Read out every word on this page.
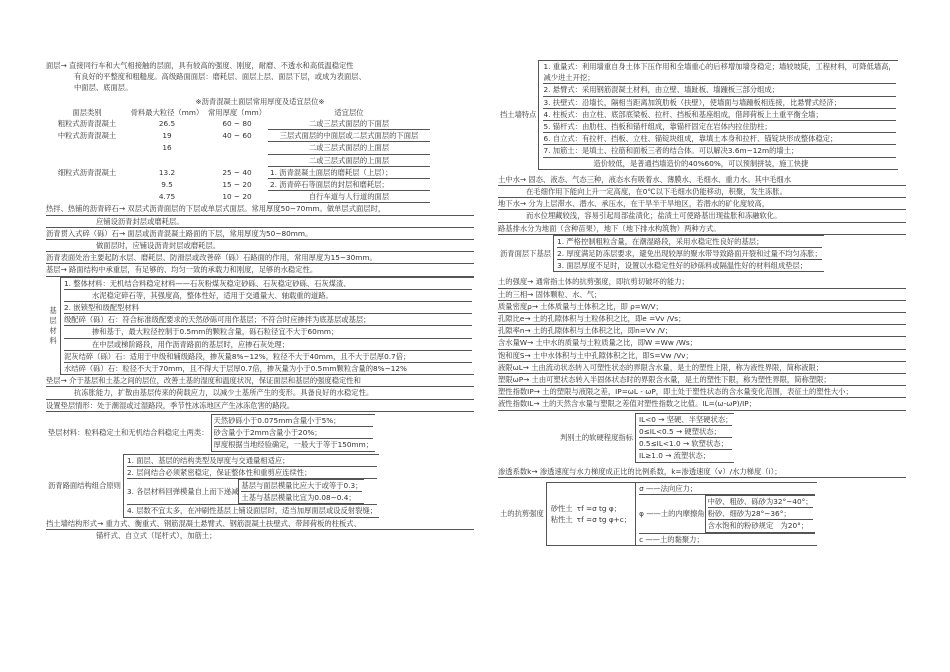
面层→ 直接同行车和大气相接触的层面，具有较高的强度、刚度，耐磨、不透水和高低温稳定性
有良好的平整度和粗糙度。高级路面面层：磨耗层、面层上层、面层下层，或成为表面层、
中面层、底面层。
※沥青混凝土面层常用厚度及适宜层位※
面层类别	骨料最大粒径（mm）	常用厚度（mm）	适宜层位
粗粒式沥青混凝土	26.5	60 ~ 80	二或三层式面层的下面层
中粒式沥青混凝土	19	40 ~ 60	三层式面层的中面层或二层式面层的下面层
	16		二或三层式面层的上面层
			二或三层式面层的上面层
细粒式沥青混凝土	13.2	25 ~ 40	1. 沥青混凝土面层的磨耗层（上层）；
	9.5	15 ~ 20	2. 沥青碎石等面层的封层和磨耗层；
	4.75	10 ~ 20	自行车道与人行道的面层
热拌、热铺的沥青碎石→ 双层式沥青面层的下层或单层式面层。常用厚度50~70mm。做单层式面层时，
应铺设沥青封层或磨耗层。
沥青贯入式碎（砾）石→ 面层或沥青混凝土路面的下层，常用厚度为50~80mm。
做面层时，应铺设沥青封层或磨耗层。
沥青表面处治主要起防水层、磨耗层、防滑层或改善碎（砾）石路面的作用，常用厚度为15~30mm。
基层→ 路面结构中承重层，有足够的、均匀一致的承载力和刚度，足够的水稳定性。
基层材料	
1. 整体材料：无机结合料稳定材料——石灰粉煤灰稳定砂砾、石灰稳定砂砾、石灰煤渣、
水泥稳定碎石等，其强度高，整体性好，适用于交通量大、轴载重的道路。
2. 嵌锁型和级配型材料
级配碎（砾）石：符合标准级配要求的天然砂砾可用作基层；不符合时应掺拌为底基层或基层；
掺和基于，最大粒径控制于0.5mm的颗粒含量，砾石粒径宜不大于60mm；
在中层或梯阶路段，用作沥青路面的基层时，应掺石灰处理；
泥灰结碎（砾）石：适用于中级和辅级路段，掺灰量8%~12%，粒径不大于40mm，且不大于层厚0.7倍；
水结碎（砾）石：粒径不大于70mm，且不得大于层厚0.7倍，掺灰量为小于0.5mm颗粒含量的8%~12%
垫层→ 介于基层和土基之间的层位，改善土基的湿度和温度状况，保证面层和基层的强度稳定性和
抗冻胀能力，扩散由基层传来的荷载应力，以减少土基所产生的变形。具备良好的水稳定性。
设置垫层情形：处于潮湿或过湿路段，季节性冰冻地区产生冰冻危害的路段。
垫层材料：粒料稳定土和无机结合料稳定土两类：	
天然砂砾小于0.075mm含量小于5%；
砂含量小于2mm含量小于20%；
厚度根据当地经验确定，一般大于等于150mm；
沥青路面结构组合原则	
1. 面层、基层的结构类型及厚度与交通量相适应；
2. 层间结合必须紧密稳定，保证整体性和重剪应连续性；
3. 各层材料回弹模量自上而下递减	
基层与面层模量比应大于或等于0.3；
土基与基层模量比宜为0.08~0.4；
4. 层数不宜太多，在冲刷性基层上铺设面层时，适当加厚面层或设反射裂缝；
挡土墙结构形式→ 重力式、衡重式、钢筋混凝土悬臂式、钢筋混凝土扶壁式、带卸荷板的柱板式、
锚杆式、自立式（尾杆式），加筋土；
挡土墙特点	
1. 重量式：利用墙重自身土体下压作用和全墙重心的后移增加墙身稳定；墙较坡陡，工程材料，可降低墙高，减少进土开挖；
2. 悬臂式：采用钢筋混凝土材料，由立壁、墙趾板、墙踵板三部分组成；
3. 扶壁式：沿墙长，隔相当距离加筑肋板（扶壁），使墙面与墙踵板相连接，比悬臂式经济；
4. 柱板式：由立柱、底部底梁板、拉杆、挡板和基座组成，借卸荷板上土重平衡全墙；
5. 锚杆式：由肋柱、挡板和锚杆组成，靠锚杆固定在岩体内拉住肋柱；
6. 自立式：有拉杆、挡板、立柱、锚锭块组成，靠填土本身和拉杆、锚锭块形成整体稳定；
7. 加筋土：是填土、拉筋和面板三者的结合体。可以解决3.6m~12m的墙土；
造价较低，是普通挡墙造价的40%60%，可以预制拼装，施工快捷
土中水→ 固态、液态、气态三种，液态水有吸着水、薄膜水、毛细水、重力水。其中毛细水
在毛细作用下能向上升一定高度，在0℃以下毛细水仍能移动，积聚，发生冻胀。
地下水→ 分为上层滞水、潜水、承压水，在干旱半干旱地区，若潜水的矿化度较高，
而水位埋藏较浅，容易引起局部盐渍化；盐渍土可使路基出现盐胀和冻融软化。
路基排水分为地面（含种苗果），地下（地下排水构筑物）两种方式。
沥青面层下基层	
1. 严格控制粗粒含量，在潮湿路段，采用水稳定性良好的基层；
2. 厚度满足防冻层要求，避免出现较厚的聚水带导致路面开裂和过量不均匀冻胀；
3. 面层厚度不足时，设置以水稳定性好的砂砾料或隔温性好的材料组成垫层；
土的强度→ 通常指土体的抗剪强度，即抗剪切破坏的能力；
土的三相→ 固体颗粒、水、气；
质量密度ρ→ 土体质量与土体积之比，即 ρ=W/V；
孔隙比e→ 土的孔隙体积与土粒体积之比，即e =Vv /Vs；
孔隙率n→ 土的孔隙体积与土体积之比，即n=Vv /V；
含水量W→ 土中水的质量与土粒质量之比，即W =Ww /Ws；
饱和度S→ 土中水体积与土中孔隙体积之比，即S=Vw /Vv；
液限ωL→ 土由流动状态转入可塑性状态的界限含水量，是土的塑性上限，称为液性界限，简称液限；
塑限ωP→ 土由可塑状态转入半固体状态时的界限含水量，是土的塑性下限，称为塑性界限，简称塑限；
塑性指数IP→ 土的塑限与液限之差，IP=ωL - ωP，即土处于塑性状态的含水量变化范围，表征土的塑性大小；
液性指数IL→ 土的天然含水量与塑限之差值对塑性指数之比值。IL=(ω-ωP)/IP；
判别土的软硬程度指标	
IL<0 → 坚硬、半坚硬状态；
0≤IL<0.5 → 硬塑状态；
0.5≤IL<1.0 → 软塑状态；
IL≥1.0 → 流塑状态；
渗透系数k→ 渗透速度与水力梯度成正比的比例系数，k=渗透速度（v）/水力梯度（i）；
土的抗剪强度	
砂性土	τf =σ tg φ；
粘性土	τf =σ tg φ+c；

σ ——法向应力；
φ ——土的内摩擦角	
中砂、粗砂、砾砂为32°~40°；
粉砂、细砂为28°~36°；
含水饱和的粉砂规定　为20°；
c ——土的黏聚力；
